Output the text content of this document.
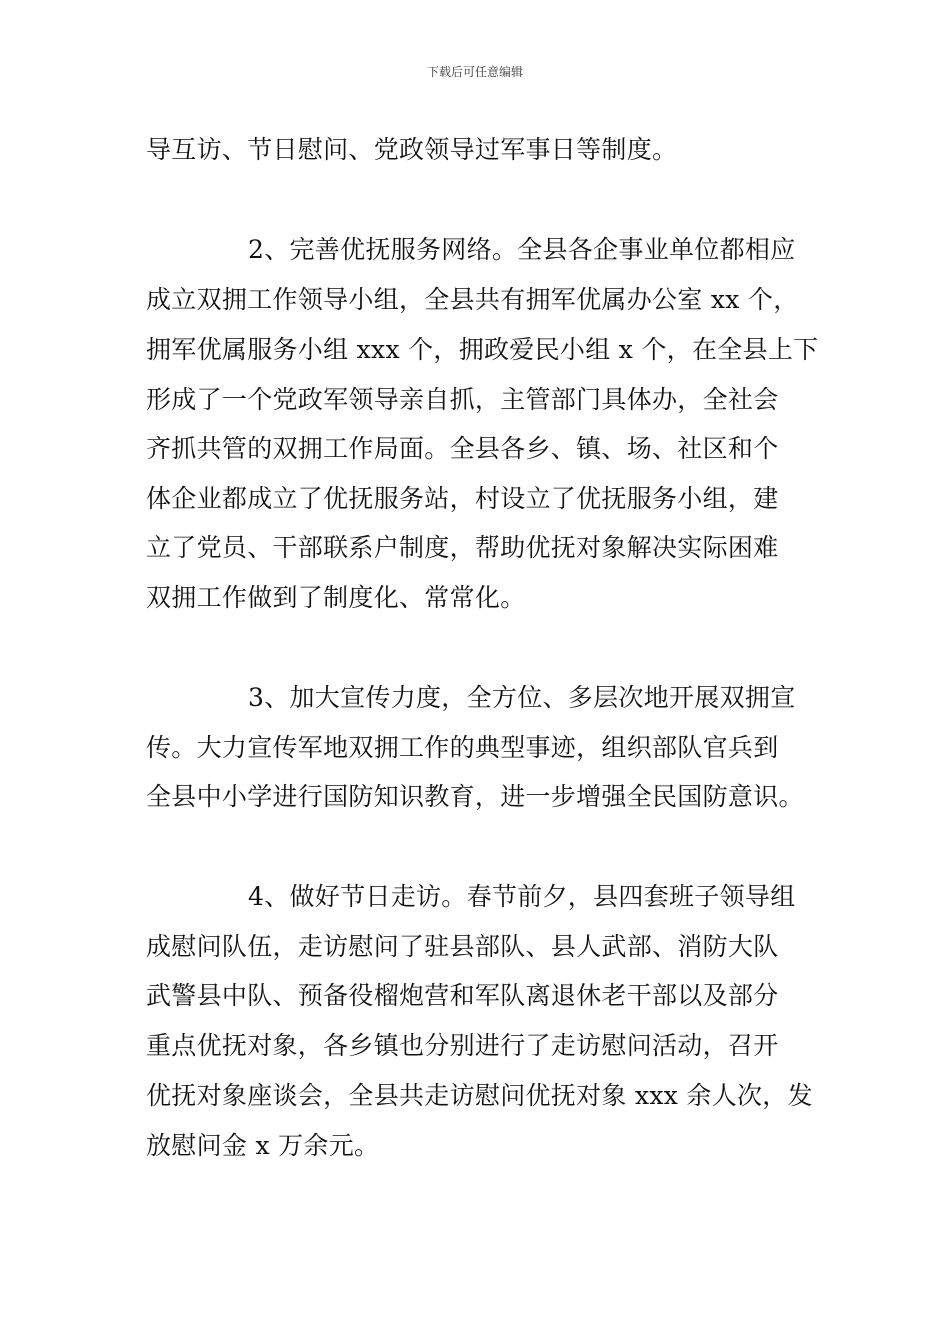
下载后可任意编辑
导互访、节日慰问、党政领导过军事日等制度。
2、完善优抚服务网络。全县各企事业单位都相应
成立双拥工作领导小组，全县共有拥军优属办公室 xx 个，
拥军优属服务小组 xxx 个，拥政爱民小组 x 个，在全县上下
形成了一个党政军领导亲自抓，主管部门具体办，全社会
齐抓共管的双拥工作局面。全县各乡、镇、场、社区和个
体企业都成立了优抚服务站，村设立了优抚服务小组，建
立了党员、干部联系户制度，帮助优抚对象解决实际困难
双拥工作做到了制度化、常常化。
3、加大宣传力度，全方位、多层次地开展双拥宣
传。大力宣传军地双拥工作的典型事迹，组织部队官兵到
全县中小学进行国防知识教育，进一步增强全民国防意识。
4、做好节日走访。春节前夕，县四套班子领导组
成慰问队伍，走访慰问了驻县部队、县人武部、消防大队
武警县中队、预备役榴炮营和军队离退休老干部以及部分
重点优抚对象，各乡镇也分别进行了走访慰问活动，召开
优抚对象座谈会，全县共走访慰问优抚对象 xxx 余人次，发
放慰问金 x 万余元。
